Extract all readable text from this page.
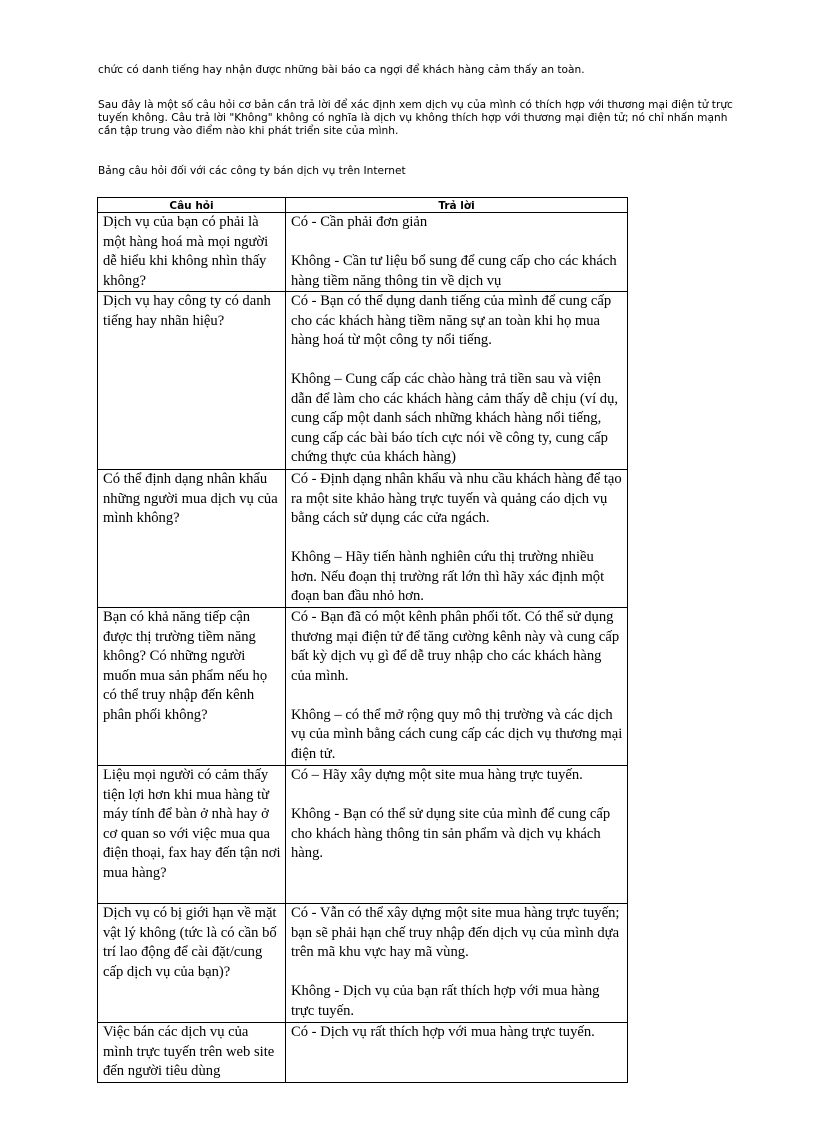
chức có danh tiếng hay nhận được những bài báo ca ngợi để khách hàng cảm thấy an toàn.
Sau đây là một số câu hỏi cơ bản cần trả lời để xác định xem dịch vụ của mình có thích hợp với thương mại điện tử trực
tuyến không. Câu trả lời "Không" không có nghĩa là dịch vụ không thích hợp với thương mại điện tử; nó chỉ nhấn mạnh
cần tập trung vào điểm nào khi phát triển site của mình.
Bảng câu hỏi đối với các công ty bán dịch vụ trên Internet
Câu hỏi	Trả lời
Dịch vụ của bạn có phải là một hàng hoá mà mọi người dễ hiểu khi không nhìn thấy không?	Có - Cần phải đơn giản
Không - Cần tư liệu bổ sung để cung cấp cho các khách hàng tiềm năng thông tin về dịch vụ

Dịch vụ hay công ty có danh tiếng hay nhãn hiệu?	Có - Bạn có thể dụng danh tiếng của mình để cung cấp cho các khách hàng tiềm năng sự an toàn khi họ mua hàng hoá từ một công ty nổi tiếng.
Không – Cung cấp các chào hàng trả tiền sau và viện dẫn để làm cho các khách hàng cảm thấy dễ chịu (ví dụ, cung cấp một danh sách những khách hàng nổi tiếng, cung cấp các bài báo tích cực nói về công ty, cung cấp chứng thực của khách hàng)

Có thể định dạng nhân khẩu những người mua dịch vụ của mình không?	Có - Định dạng nhân khẩu và nhu cầu khách hàng để tạo ra một site khảo hàng trực tuyến và quảng cáo dịch vụ bằng cách sử dụng các cửa ngách.
Không – Hãy tiến hành nghiên cứu thị trường nhiều hơn. Nếu đoạn thị trường rất lớn thì hãy xác định một đoạn ban đầu nhỏ hơn.

Bạn có khả năng tiếp cận được thị trường tiềm năng không? Có những người muốn mua sản phẩm nếu họ có thể truy nhập đến kênh phân phối không?	Có - Bạn đã có một kênh phân phối tốt. Có thể sử dụng thương mại điện tử để tăng cường kênh này và cung cấp bất kỳ dịch vụ gì để dễ truy nhập cho các khách hàng của mình.
Không – có thể mở rộng quy mô thị trường và các dịch vụ của mình bằng cách cung cấp các dịch vụ thương mại điện tử.

Liệu mọi người có cảm thấy tiện lợi hơn khi mua hàng từ máy tính để bàn ở nhà hay ở cơ quan so với việc mua qua điện thoại, fax hay đến tận nơi mua hàng?	Có – Hãy xây dựng một site mua hàng trực tuyến.
Không - Bạn có thể sử dụng site của mình để cung cấp cho khách hàng thông tin sản phẩm và dịch vụ khách hàng.

Dịch vụ có bị giới hạn về mặt vật lý không (tức là có cần bố trí lao động để cài đặt/cung cấp dịch vụ của bạn)?	Có - Vẫn có thể xây dựng một site mua hàng trực tuyến; bạn sẽ phải hạn chế truy nhập đến dịch vụ của mình dựa trên mã khu vực hay mã vùng.
Không - Dịch vụ của bạn rất thích hợp với mua hàng trực tuyến.

Việc bán các dịch vụ của mình trực tuyến trên web site đến người tiêu dùng	Có - Dịch vụ rất thích hợp với mua hàng trực tuyến.
